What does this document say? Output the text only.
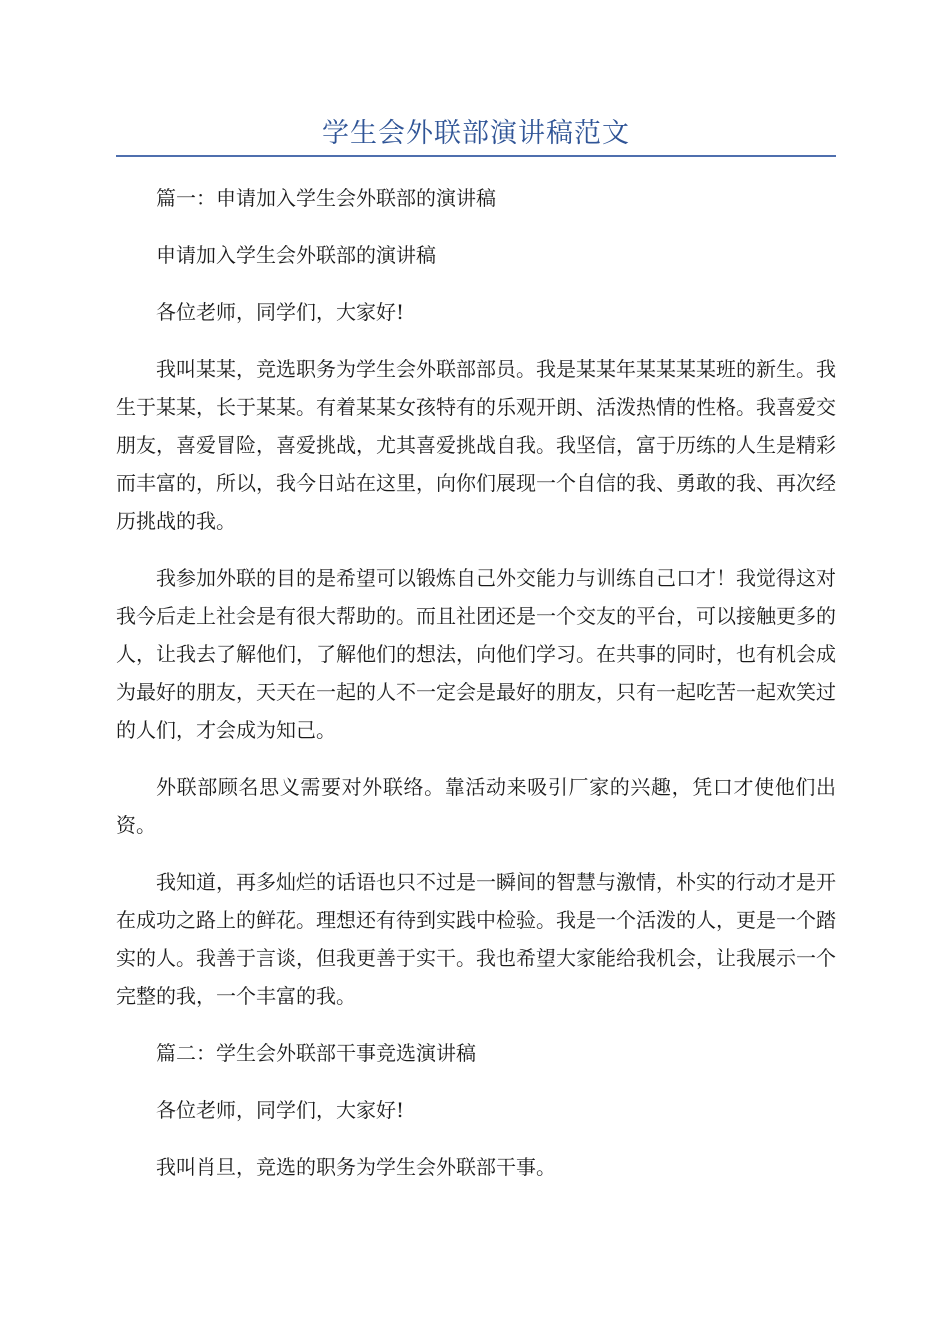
学生会外联部演讲稿范文

篇一：申请加入学生会外联部的演讲稿

申请加入学生会外联部的演讲稿

各位老师，同学们，大家好!

我叫某某，竞选职务为学生会外联部部员。我是某某年某某某某班的新生。我生于某某，长于某某。有着某某女孩特有的乐观开朗、活泼热情的性格。我喜爱交朋友，喜爱冒险，喜爱挑战，尤其喜爱挑战自我。我坚信，富于历练的人生是精彩而丰富的，所以，我今日站在这里，向你们展现一个自信的我、勇敢的我、再次经历挑战的我。

我参加外联的目的是希望可以锻炼自己外交能力与训练自己口才！我觉得这对我今后走上社会是有很大帮助的。而且社团还是一个交友的平台，可以接触更多的人，让我去了解他们，了解他们的想法，向他们学习。在共事的同时，也有机会成为最好的朋友，天天在一起的人不一定会是最好的朋友，只有一起吃苦一起欢笑过的人们，才会成为知己。

外联部顾名思义需要对外联络。靠活动来吸引厂家的兴趣，凭口才使他们出资。

我知道，再多灿烂的话语也只不过是一瞬间的智慧与激情，朴实的行动才是开在成功之路上的鲜花。理想还有待到实践中检验。我是一个活泼的人，更是一个踏实的人。我善于言谈，但我更善于实干。我也希望大家能给我机会，让我展示一个完整的我，一个丰富的我。

篇二：学生会外联部干事竞选演讲稿

各位老师，同学们，大家好!

我叫肖旦，竞选的职务为学生会外联部干事。
